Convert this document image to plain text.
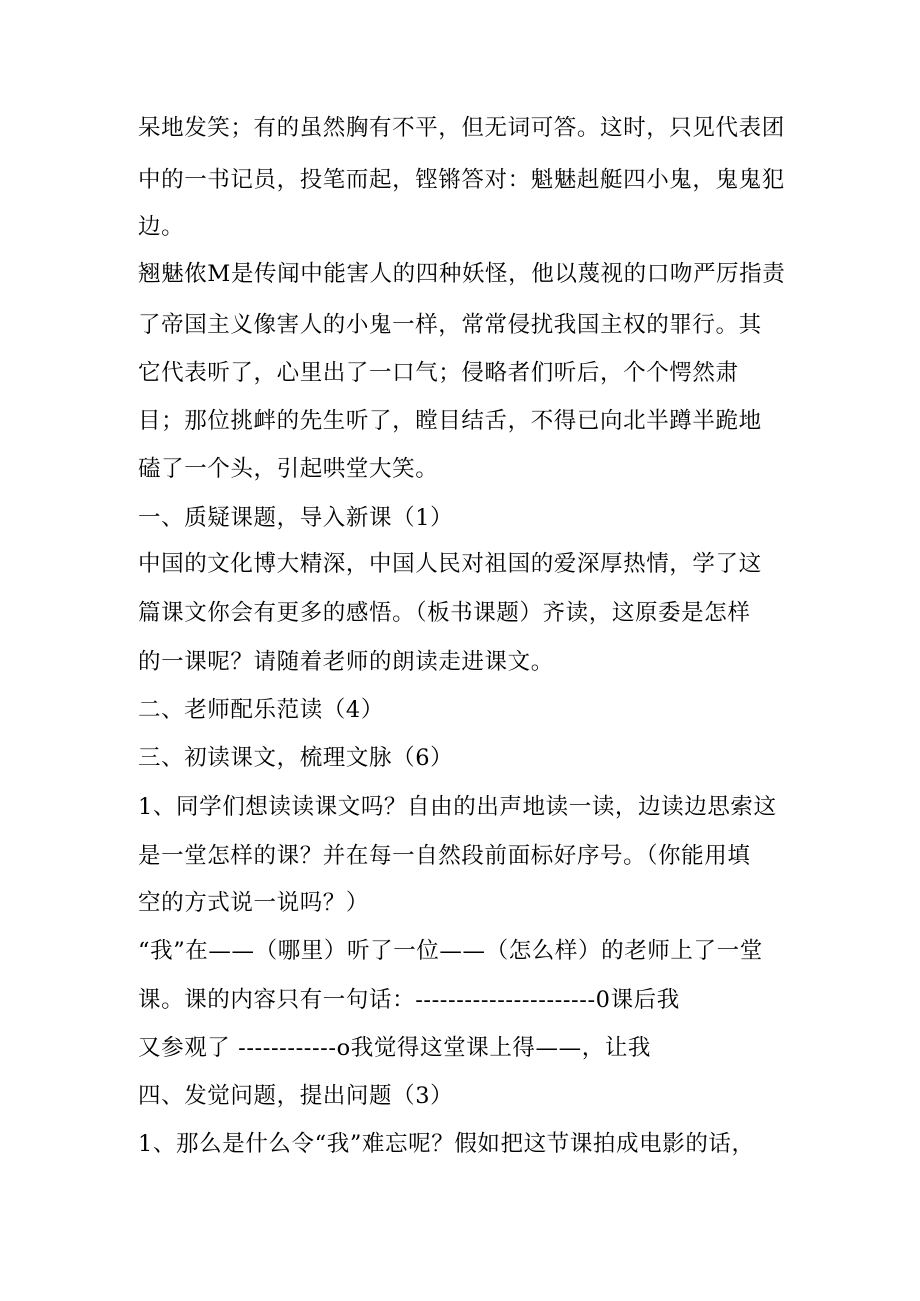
呆地发笑；有的虽然胸有不平，但无词可答。这时，只见代表团
中的一书记员，投笔而起，铿锵答对：魁魅赳艇四小鬼，鬼鬼犯
边。
翘魅侬M是传闻中能害人的四种妖怪，他以蔑视的口吻严厉指责
了帝国主义像害人的小鬼一样，常常侵扰我国主权的罪行。其
它代表听了，心里出了一口气；侵略者们听后，个个愕然肃
目；那位挑衅的先生听了，瞠目结舌，不得已向北半蹲半跪地
磕了一个头，引起哄堂大笑。
一、质疑课题，导入新课（1）
中国的文化博大精深，中国人民对祖国的爱深厚热情，学了这
篇课文你会有更多的感悟。（板书课题）齐读，这原委是怎样
的一课呢？请随着老师的朗读走进课文。
二、老师配乐范读（4）
三、初读课文，梳理文脉（6）
1、同学们想读读课文吗？自由的出声地读一读，边读边思索这
是一堂怎样的课？并在每一自然段前面标好序号。（你能用填
空的方式说一说吗？）
“我”在——（哪里）听了一位——（怎么样）的老师上了一堂
课。课的内容只有一句话：----------------------0课后我
又参观了 ------------o我觉得这堂课上得——，让我
四、发觉问题，提出问题（3）
1、那么是什么令“我”难忘呢？假如把这节课拍成电影的话，
